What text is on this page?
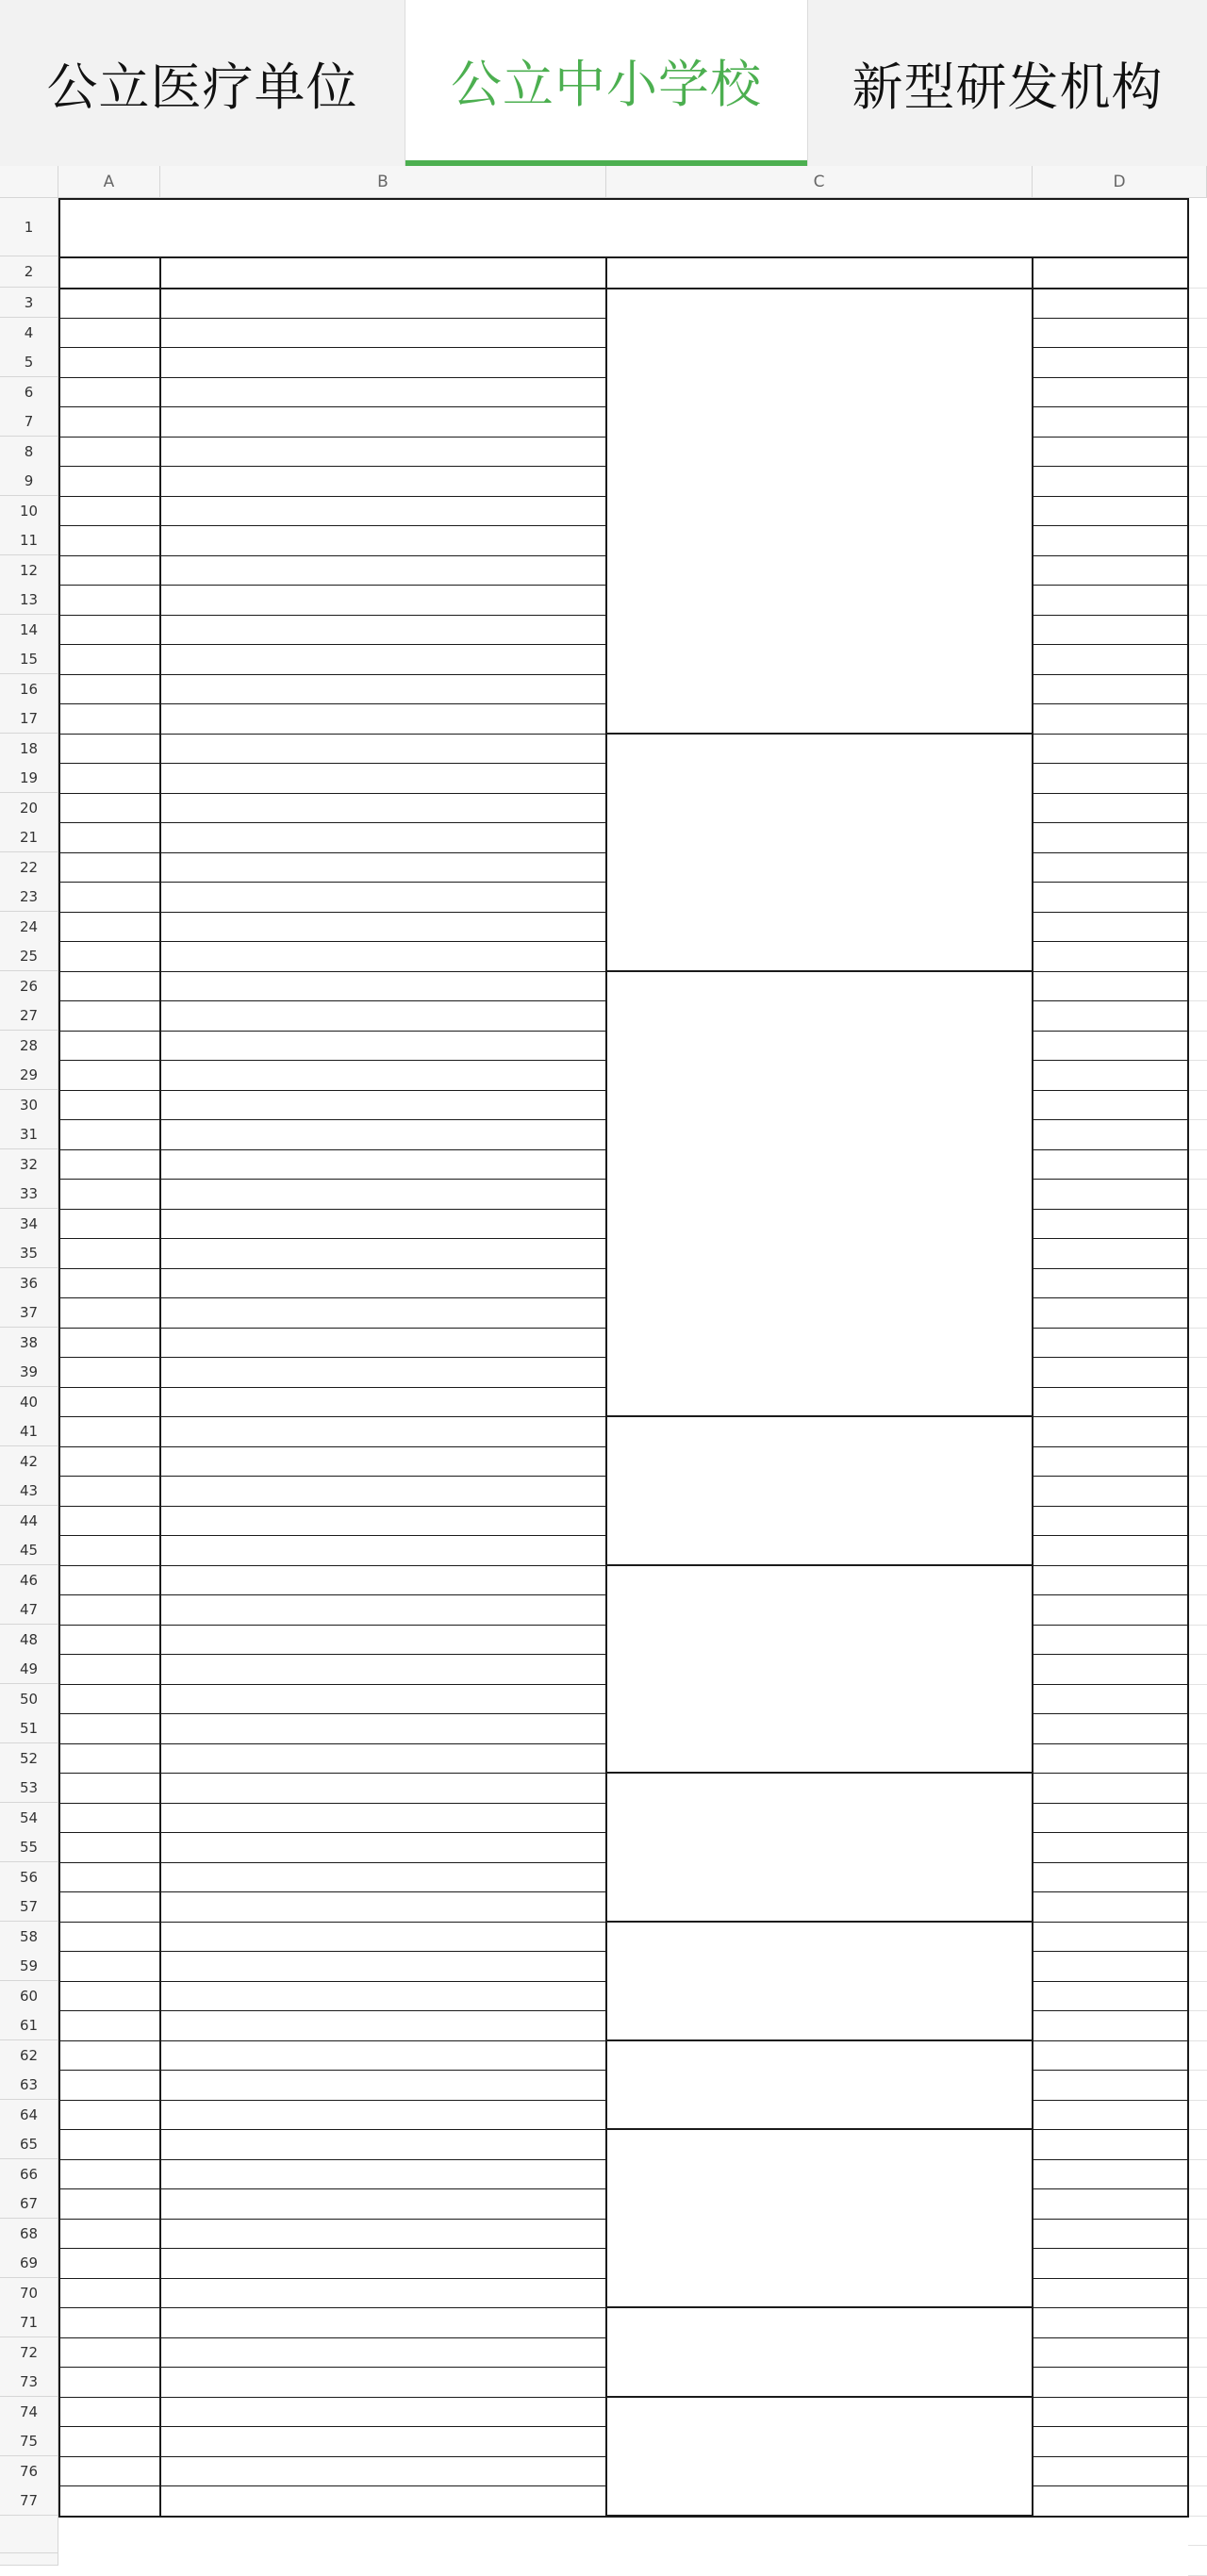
公立医疗单位	公立中小学校	新型研发机构
A	B	C	D
1
2
3
4
5
6
7
8
9
10
11
12
13
14
15
16
17
18
19
20
21
22
23
24
25
26
27
28
29
30
31
32
33
34
35
36
37
38
39
40
41
42
43
44
45
46
47
48
49
50
51
52
53
54
55
56
57
58
59
60
61
62
63
64
65
66
67
68
69
70
71
72
73
74
75
76
77
